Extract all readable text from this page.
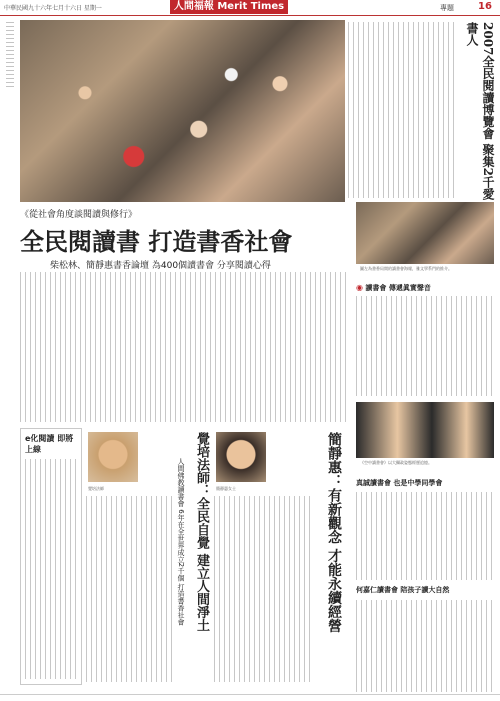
中華民國九十六年七月十六日 星期一	人間福報 Merit Times	專題 16
2007全民閱讀博覽會 聚集2千愛書人
《從社會角度談閱讀與修行》
全民閱讀書 打造書香社會
柴松林、簡靜惠書香論壇 為400個讀書會 分享閱讀心得	圖左為書香局開的讀書會海報，雅文學系門的推介。
◉ 讀書會 傳遞眞實聲音
《空中讀書會》以大攝政姿態經歷追憶。
真誠讀書會 也是中學同學會
何嘉仁讀書會 陪孩子讀大自然
e化閱讀 即將上線
覺培法師	簡靜惠女士
覺培法師：全民自覺 建立人間淨土
人間佛教讀書會 6年在全世界成立2千個 打造書香社會	簡靜惠：有新觀念 才能永續經營
